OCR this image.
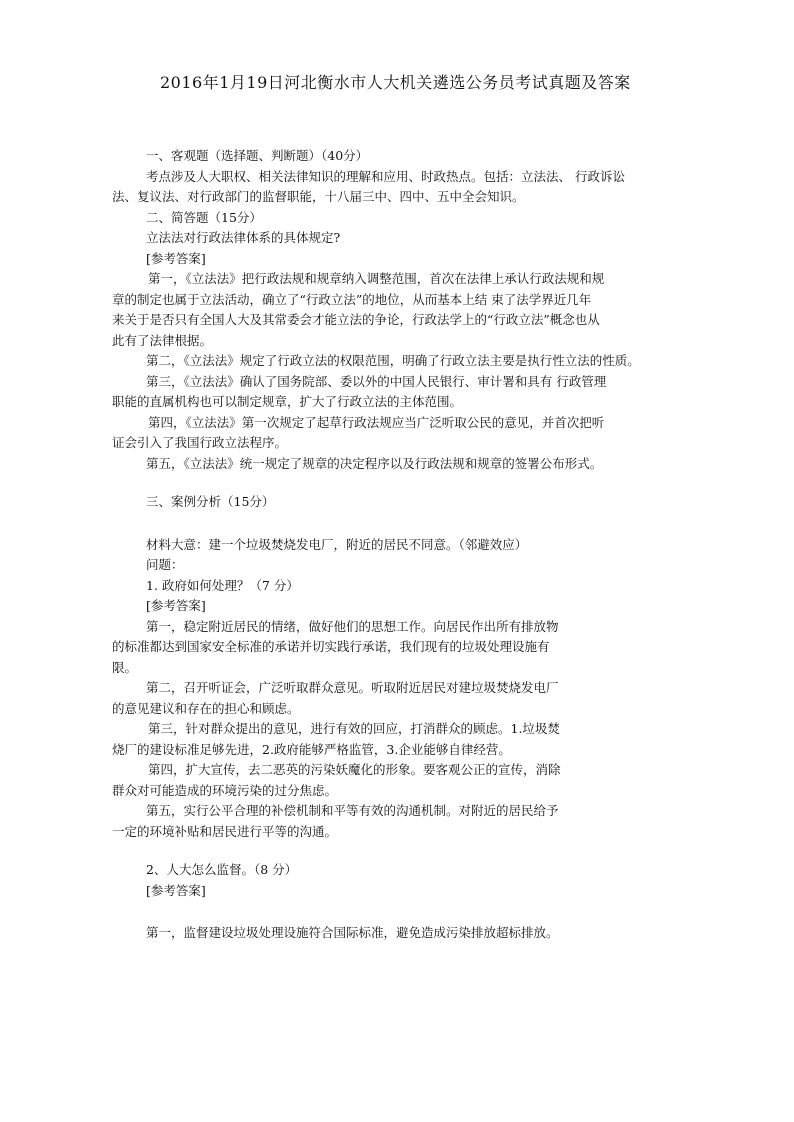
2016年1月19日河北衡水市人大机关遴选公务员考试真题及答案

一、客观题（选择题、判断题）（40分）

考点涉及人大职权、相关法律知识的理解和应用、时政热点。包括：立法法、 行政诉讼

法、复议法、对行政部门的监督职能，十八届三中、四中、五中全会知识。

二、简答题（15分）

立法法对行政法律体系的具体规定?

[参考答案]

第一，《立法法》把行政法规和规章纳入调整范围，首次在法律上承认行政法规和规

章的制定也属于立法活动，确立了“行政立法”的地位，从而基本上结 束了法学界近几年

来关于是否只有全国人大及其常委会才能立法的争论，行政法学上的“行政立法”概念也从

此有了法律根据。

第二，《立法法》规定了行政立法的权限范围，明确了行政立法主要是执行性立法的性质。

第三，《立法法》确认了国务院部、委以外的中国人民银行、审计署和具有 行政管理

职能的直属机构也可以制定规章，扩大了行政立法的主体范围。

第四，《立法法》第一次规定了起草行政法规应当广泛听取公民的意见，并首次把听

证会引入了我国行政立法程序。

第五，《立法法》统一规定了规章的决定程序以及行政法规和规章的签署公布形式。

三、案例分析（15分）

材料大意：建一个垃圾焚烧发电厂，附近的居民不同意。（邻避效应）

问题：

1. 政府如何处理？（7 分）

[参考答案]

第一，稳定附近居民的情绪，做好他们的思想工作。向居民作出所有排放物

的标准都达到国家安全标准的承诺并切实践行承诺，我们现有的垃圾处理设施有

限。

第二，召开听证会，广泛听取群众意见。听取附近居民对建垃圾焚烧发电厂

的意见建议和存在的担心和顾虑。

第三，针对群众提出的意见，进行有效的回应，打消群众的顾虑。1.垃圾焚

烧厂的建设标准足够先进，2.政府能够严格监管，3.企业能够自律经营。

第四，扩大宣传，去二恶英的污染妖魔化的形象。要客观公正的宣传，消除

群众对可能造成的环境污染的过分焦虑。

第五，实行公平合理的补偿机制和平等有效的沟通机制。对附近的居民给予

一定的环境补贴和居民进行平等的沟通。

2、人大怎么监督。（8 分）

[参考答案]

第一，监督建设垃圾处理设施符合国际标准，避免造成污染排放超标排放。
